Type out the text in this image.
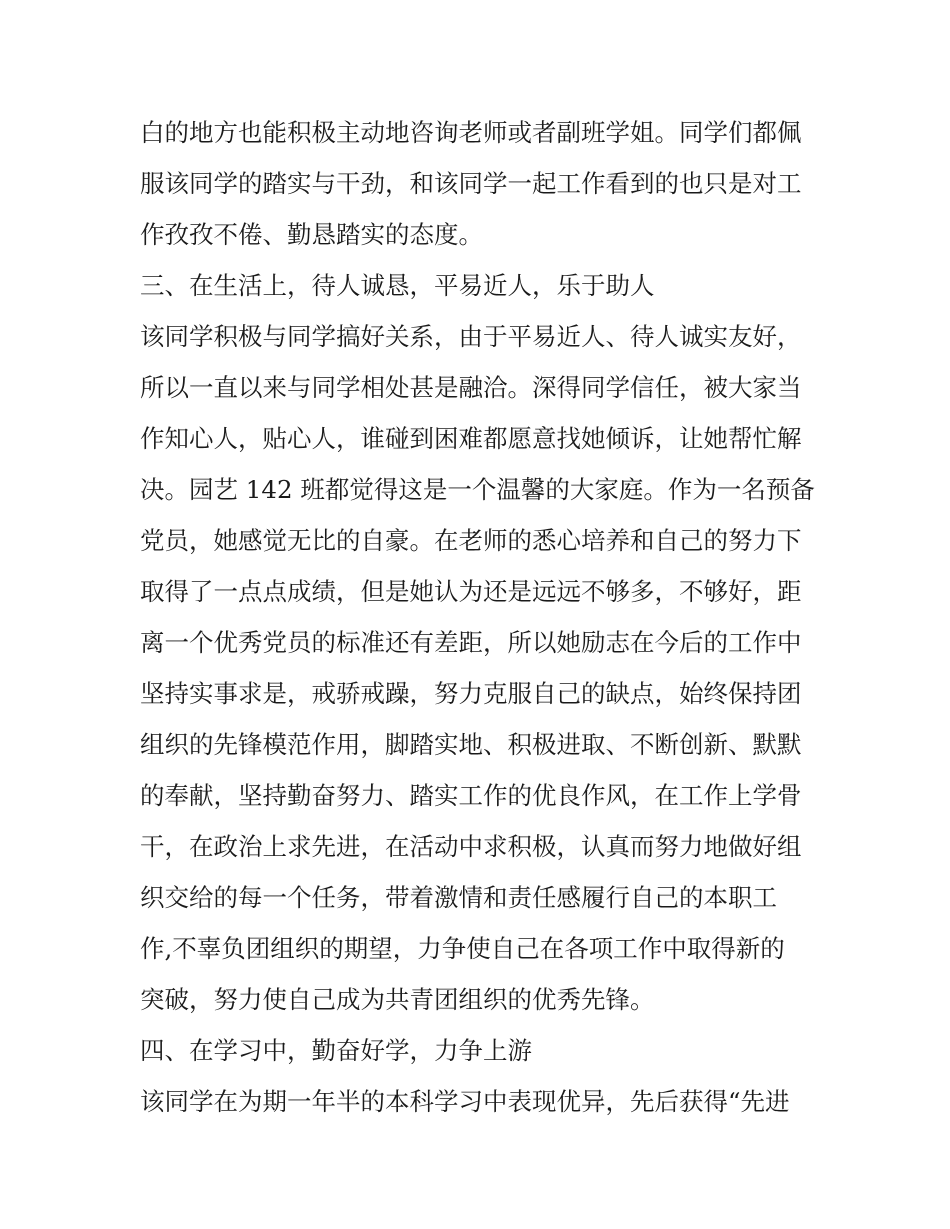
白的地方也能积极主动地咨询老师或者副班学姐。同学们都佩
服该同学的踏实与干劲，和该同学一起工作看到的也只是对工
作孜孜不倦、勤恳踏实的态度。
三、在生活上，待人诚恳，平易近人，乐于助人
该同学积极与同学搞好关系，由于平易近人、待人诚实友好，
所以一直以来与同学相处甚是融洽。深得同学信任，被大家当
作知心人，贴心人，谁碰到困难都愿意找她倾诉，让她帮忙解
决。园艺 142 班都觉得这是一个温馨的大家庭。作为一名预备
党员，她感觉无比的自豪。在老师的悉心培养和自己的努力下
取得了一点点成绩，但是她认为还是远远不够多，不够好，距
离一个优秀党员的标准还有差距，所以她励志在今后的工作中
坚持实事求是，戒骄戒躁，努力克服自己的缺点，始终保持团
组织的先锋模范作用，脚踏实地、积极进取、不断创新、默默
的奉献，坚持勤奋努力、踏实工作的优良作风，在工作上学骨
干，在政治上求先进，在活动中求积极，认真而努力地做好组
织交给的每一个任务，带着激情和责任感履行自己的本职工
作,不辜负团组织的期望，力争使自己在各项工作中取得新的
突破，努力使自己成为共青团组织的优秀先锋。
四、在学习中，勤奋好学，力争上游
该同学在为期一年半的本科学习中表现优异，先后获得“先进
